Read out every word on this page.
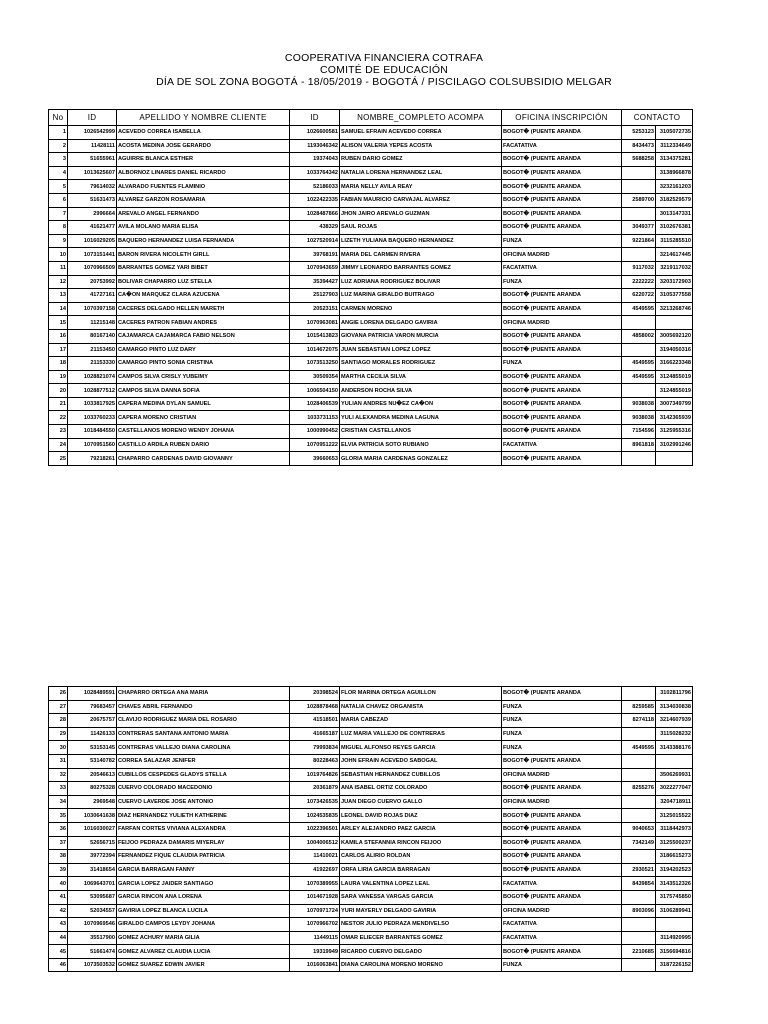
COOPERATIVA FINANCIERA COTRAFA
COMITÉ DE EDUCACIÓN
DÍA DE SOL ZONA BOGOTÁ - 18/05/2019 - BOGOTÁ / PISCILAGO COLSUBSIDIO MELGAR
No	ID	APELLIDO Y NOMBRE CLIENTE	ID	NOMBRE_COMPLETO ACOMPA	OFICINA INSCRIPCIÓN	CONTACTO	
1	1026542999	ACEVEDO CORREA ISABELLA	1026600581	SAMUEL EFRAIN ACEVEDO CORREA	BOGOT� (PUENTE ARANDA	5253123	3105072735
2	11428111	ACOSTA MEDINA JOSE GERARDO	1193046342	ALISON VALERIA YEPES ACOSTA	FACATATIVA	8434473	3112334649
3	51655961	AGUIRRE BLANCA ESTHER	19374043	RUBEN DARIO GOMEZ	BOGOT� (PUENTE ARANDA	5688258	3134375281
4	1013625607	ALBORNOZ LINARES DANIEL RICARDO	1033764342	NATALIA LORENA HERNANDEZ LEAL	BOGOT� (PUENTE ARANDA		3138966878
5	79614032	ALVARADO FUENTES FLAMINIO	52186033	MARIA NELLY AVILA REAY	BOGOT� (PUENTE ARANDA		3232161203
6	51631473	ALVAREZ GARZON ROSAMARIA	1022422335	FABIAN MAURICIO CARVAJAL ALVAREZ	BOGOT� (PUENTE ARANDA	2589700	3182529579
7	2996664	AREVALO ANGEL FERNANDO	1028487866	JHON JAIRO AREVALO GUZMAN	BOGOT� (PUENTE ARANDA		3013147331
8	41621477	AVILA MOLANO MARIA ELISA	438329	SAUL ROJAS	BOGOT� (PUENTE ARANDA	3049377	3102676381
9	1016029205	BAQUERO HERNANDEZ LUISA FERNANDA	1027520914	LIZETH YULIANA BAQUERO HERNANDEZ	FUNZA	9221864	3115285510
10	1073151441	BARON RIVERA NICOLETH GIRLL	39768191	MARIA DEL CARMEN RIVERA	OFICINA MADRID		3214617445
11	1070966509	BARRANTES GOMEZ YARI BIBET	1070943659	JIMMY LEONARDO BARRANTES GOMEZ	FACATATIVA	9117032	3219117032
12	20753992	BOLIVAR CHAPARRO LUZ STELLA	35394427	LUZ ADRIANA RODRIGUEZ BOLIVAR	FUNZA	2222222	3203172903
13	41727161	CA�ON MARQUEZ CLARA AZUCENA	25127903	LUZ MARINA GIRALDO BUITRAGO	BOGOT� (PUENTE ARANDA	6220722	3105377558
14	1070397158	CACERES DELGADO HELLEN MARETH	20523151	CARMEN MORENO	BOGOT� (PUENTE ARANDA	4549595	3213268746
15	11215148	CACERES PATRON FABIAN ANDRES	1070963081	ANGIE LORENA DELGADO GAVIRIA	OFICINA MADRID		
16	80167140	CAJAMARCA CAJAMARCA FABIO NELSON	1015413823	GIOVANA PATRICIA VARON MURCIA	BOGOT� (PUENTE ARANDA	4858002	3005692120
17	21153450	CAMARGO PINTO LUZ DARY	1014672075	JUAN SEBASTIAN LOPEZ LOPEZ	BOGOT� (PUENTE ARANDA		3194050316
18	21153330	CAMARGO PINTO SONIA CRISTINA	1073513250	SANTIAGO MORALES RODRIGUEZ	FUNZA	4549595	3166223348
19	1028821074	CAMPOS SILVA CRISLY YUBEIMY	30509354	MARTHA CECILIA SILVA	BOGOT� (PUENTE ARANDA	4549595	3124855019
20	1028877512	CAMPOS SILVA DANNA SOFIA	1006504150	ANDERSON ROCHA SILVA	BOGOT� (PUENTE ARANDA		3124855019
21	1033817925	CAPERA MEDINA DYLAN SAMUEL	1028406539	YULIAN ANDRES NU�EZ CA�ON	BOGOT� (PUENTE ARANDA	9038038	3007349799
22	1033760233	CAPERA MORENO CRISTIAN	1033731153	YULI ALEXANDRA MEDINA LAGUNA	BOGOT� (PUENTE ARANDA	9038038	3142365939
23	1018484550	CASTELLANOS MORENO WENDY JOHANA	1000990452	CRISTIAN CASTELLANOS	BOGOT� (PUENTE ARANDA	7154596	3125955316
24	1070951560	CASTILLO ARDILA RUBEN DARIO	1070951222	ELVIA PATRICIA SOTO RUBIANO	FACATATIVA	8961818	3102991246
25	79218261	CHAPARRO CARDENAS DAVID GIOVANNY	39660653	GLORIA MARIA CARDENAS GONZALEZ	BOGOT� (PUENTE ARANDA		
26	1028489591	CHAPARRO ORTEGA ANA MARIA	20398524	FLOR MARINA ORTEGA AGUILLON	BOGOT� (PUENTE ARANDA		3102811796
27	79683457	CHAVES ABRIL FERNANDO	1028878468	NATALIA CHAVEZ ORGANISTA	FUNZA	8259585	3134030838
28	20675757	CLAVIJO RODRIGUEZ MARIA DEL ROSARIO	41518501	MARIA CABEZAD	FUNZA	8274118	3214607939
29	11426133	CONTRERAS SANTANA ANTONIO MARIA	41665187	LUZ MARIA VALLEJO DE CONTRERAS	FUNZA		3115028232
30	53153145	CONTRERAS VALLEJO DIANA CAROLINA	79993834	MIGUEL ALFONSO REYES GARCIA	FUNZA	4549595	3143388176
31	53140782	CORREA SALAZAR JENIFER	80228463	JOHN EFRAIN ACEVEDO SABOGAL	BOGOT� (PUENTE ARANDA		
32	20546613	CUBILLOS CESPEDES GLADYS STELLA	1019764826	SEBASTIAN HERNANDEZ CUBILLOS	OFICINA MADRID		3506269931
33	80275328	CUERVO COLORADO MACEDONIO	20361879	ANA ISABEL ORTIZ COLORADO	BOGOT� (PUENTE ARANDA	8255276	3022277047
34	2969548	CUERVO LAVERDE JOSE ANTONIO	1073426535	JUAN DIEGO CUERVO GALLO	OFICINA MADRID		3204718911
35	1030641638	DIAZ HERNANDEZ YULIETH KATHERINE	1024535835	LEONEL DAVID ROJAS DIAZ	BOGOT� (PUENTE ARANDA		3125015522
36	1016030027	FARFAN CORTES VIVIANA ALEXANDRA	1022396501	ARLEY ALEJANDRO PAEZ GARCIA	BOGOT� (PUENTE ARANDA	9040653	3118442973
37	52656715	FEIJOO PEDRAZA DAMARIS MIYERLAY	1004006512	KAMILA STEFANNIA RINCON FEIJOO	BOGOT� (PUENTE ARANDA	7342149	3125500237
38	39772394	FERNANDEZ FIQUE CLAUDIA PATRICIA	11410021	CARLOS ALIRIO ROLDAN	BOGOT� (PUENTE ARANDA		3186615273
39	31418654	GARCIA BARRAGAN FANNY	41922697	ORFA LIRIA GARCIA BARRAGAN	BOGOT� (PUENTE ARANDA	2930521	3194202523
40	1069643701	GARCIA LOPEZ JAIDER SANTIAGO	1070389955	LAURA VALENTINA LOPEZ LEAL	FACATATIVA	8439854	3143512326
41	53095687	GARCIA RINCON ANA LORENA	1014671928	SARA VANESSA VARGAS GARCIA	BOGOT� (PUENTE ARANDA		3175745850
42	52034557	GAVIRIA LOPEZ BLANCA LUCILA	1070971724	YURI MAYERLY DELGADO GAVIRIA	OFICINA MADRID	8903096	3106289941
43	1070969546	GIRALDO CAMPOS LEYDY JOHANA	1070966702	NESTOR JULIO PEDRAZA MENDIVELSO	FACATATIVA		
44	35517900	GOMEZ ACHURY MARIA GILIA	11449115	OMAR ELIECER BARRANTES GOMEZ	FACATATIVA		3114920995
45	51661474	GOMEZ ALVAREZ CLAUDIA LUCIA	19319949	RICARDO CUERVO DELGADO	BOGOT� (PUENTE ARANDA	2210685	3156694816
46	1073503532	GOMEZ SUAREZ EDWIN JAVIER	1016063841	DIANA CAROLINA MORENO MORENO	FUNZA		3187226152
